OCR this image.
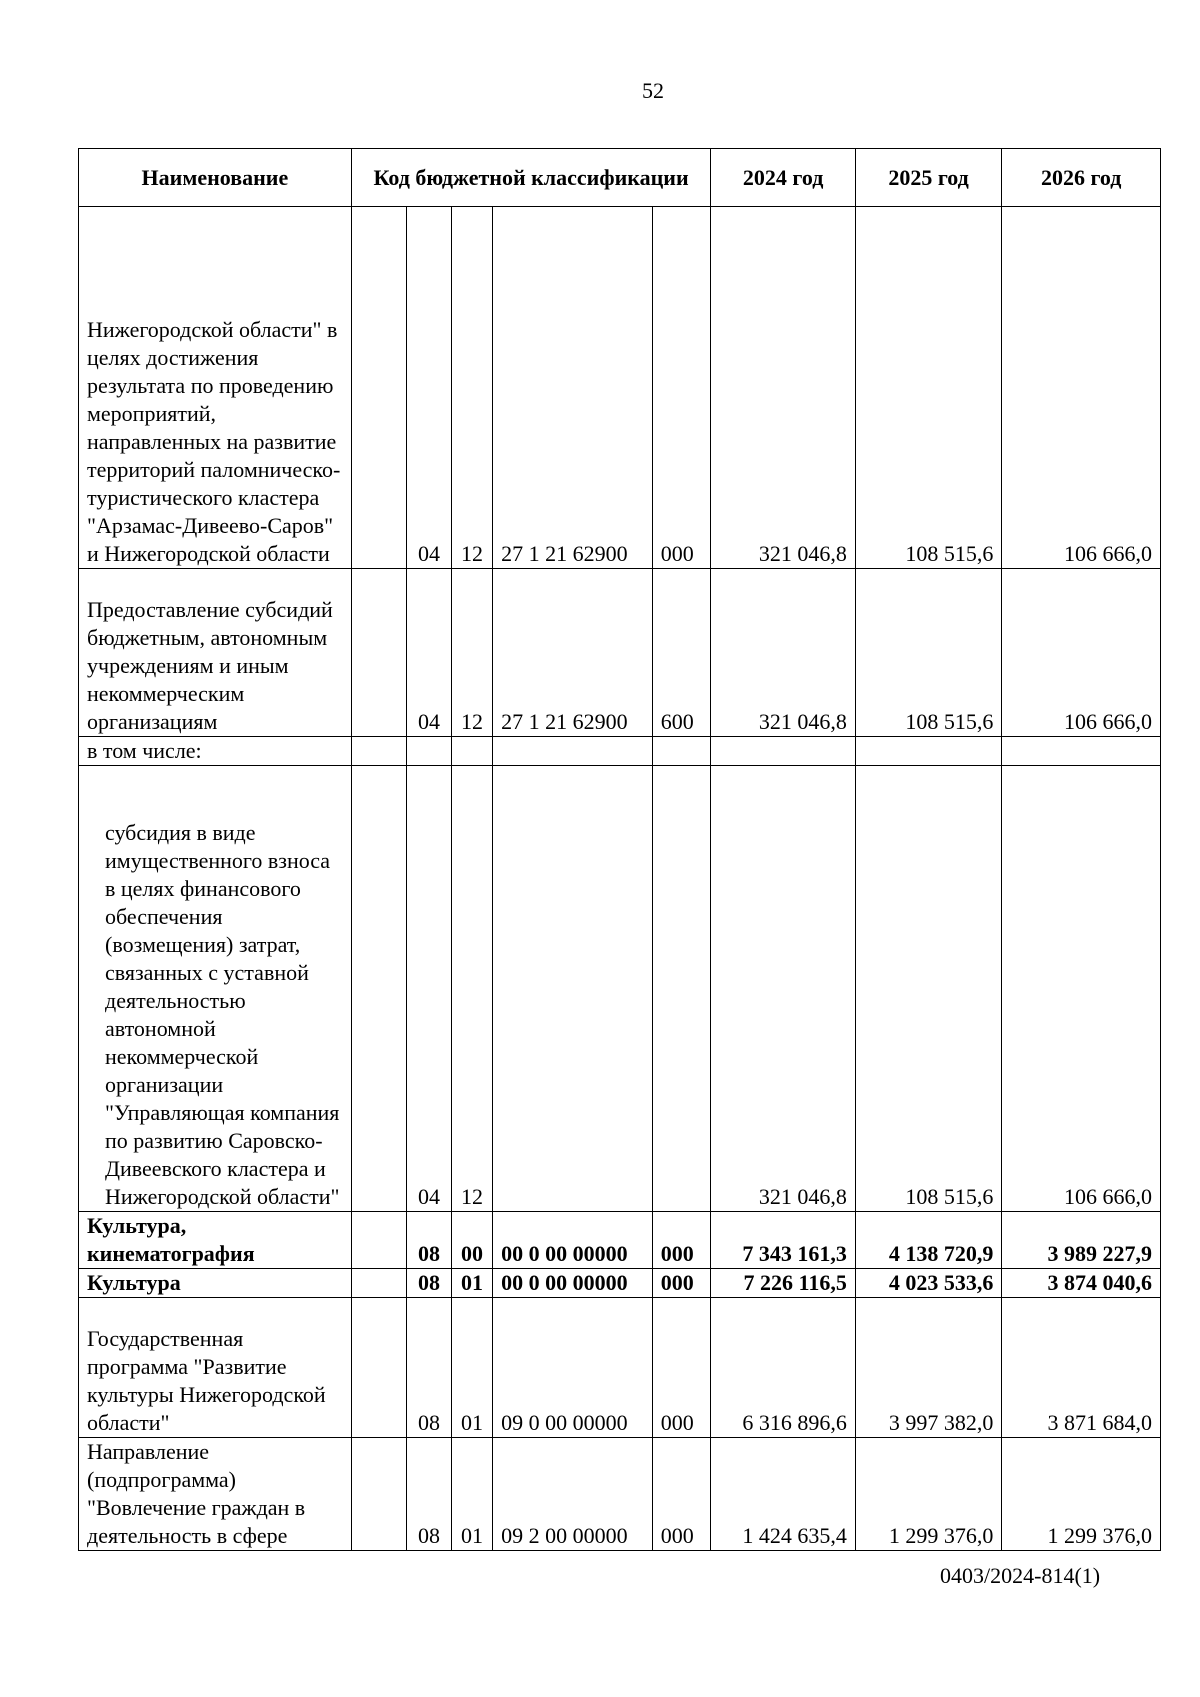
52
Наименование	Код бюджетной классификации					2024 год	2025 год	2026 год
Нижегородской области" в целях достижения результата по проведению мероприятий, направленных на развитие территорий паломническо-туристического кластера "Арзамас-Дивеево-Саров" и Нижегородской области		04	12	27 1 21 62900	000	321 046,8	108 515,6	106 666,0
Предоставление субсидий бюджетным, автономным учреждениям и иным некоммерческим организациям		04	12	27 1 21 62900	600	321 046,8	108 515,6	106 666,0
в том числе:								
субсидия в виде имущественного взноса в целях финансового обеспечения (возмещения) затрат, связанных с уставной деятельностью автономной некоммерческой организации "Управляющая компания по развитию Саровско-Дивеевского кластера и Нижегородской области"		04	12			321 046,8	108 515,6	106 666,0
Культура, кинематография		08	00	00 0 00 00000	000	7 343 161,3	4 138 720,9	3 989 227,9
Культура		08	01	00 0 00 00000	000	7 226 116,5	4 023 533,6	3 874 040,6
Государственная программа "Развитие культуры Нижегородской области"		08	01	09 0 00 00000	000	6 316 896,6	3 997 382,0	3 871 684,0
Направление (подпрограмма) "Вовлечение граждан в деятельность в сфере		08	01	09 2 00 00000	000	1 424 635,4	1 299 376,0	1 299 376,0
0403/2024-814(1)
